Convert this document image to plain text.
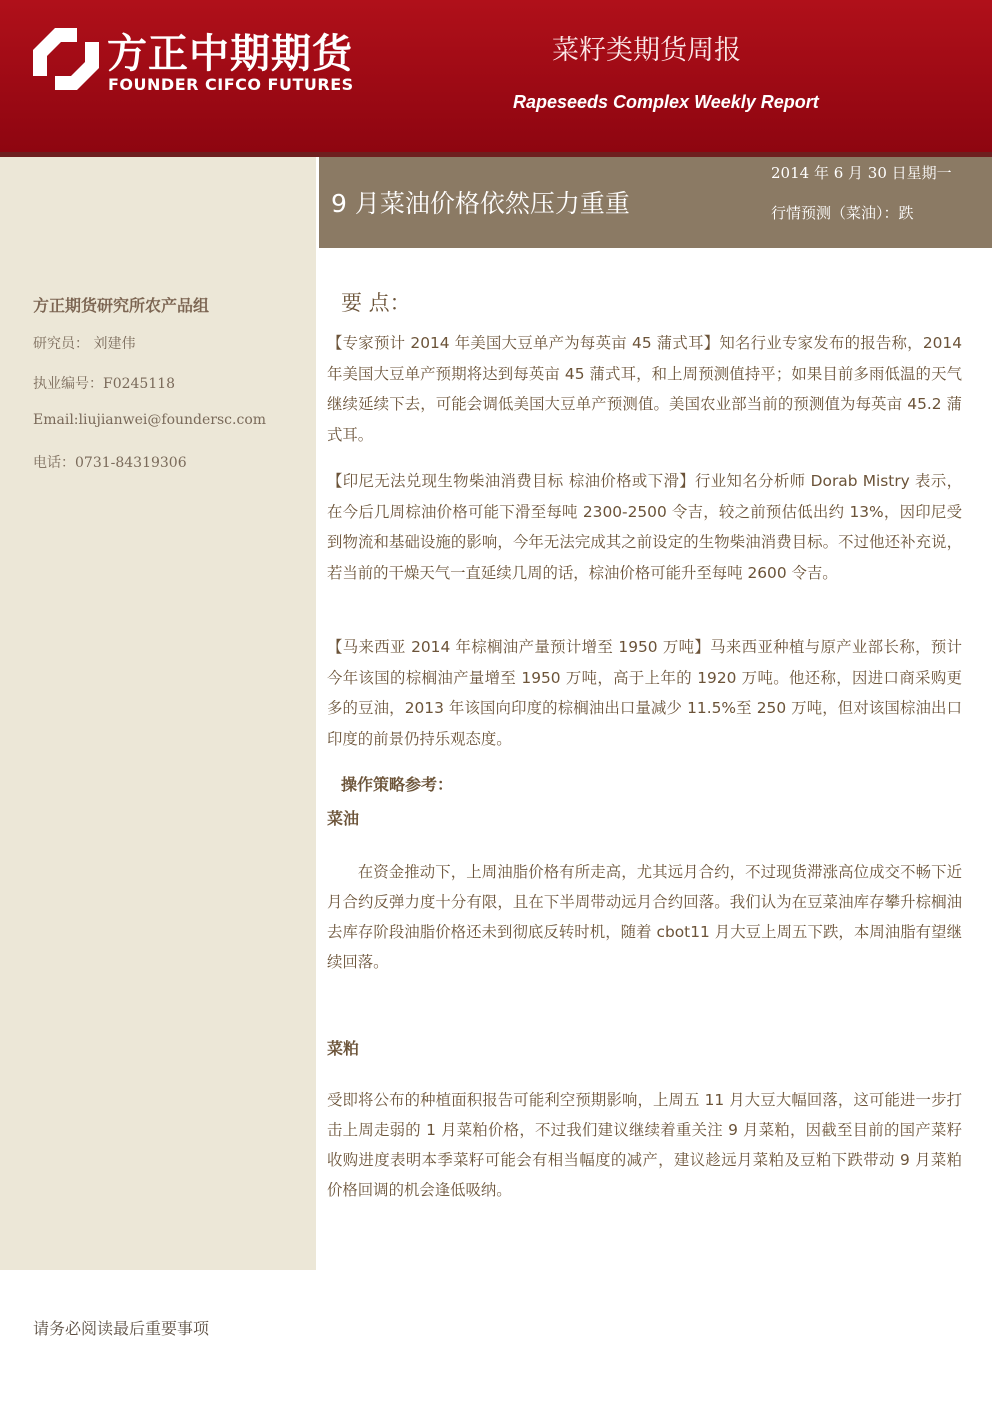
方正中期期货
FOUNDER CIFCO FUTURES
菜籽类期货周报
Rapeseeds Complex Weekly Report
9 月菜油价格依然压力重重
2014 年 6 月 30 日星期一
行情预测（菜油）：跌
方正期货研究所农产品组
研究员： 刘建伟
执业编号：F0245118
Email:liujianwei@foundersc.com
电话：0731-84319306
要 点：
【专家预计 2014 年美国大豆单产为每英亩 45 蒲式耳】知名行业专家发布的报告称，2014 年美国大豆单产预期将达到每英亩 45 蒲式耳，和上周预测值持平；如果目前多雨低温的天气继续延续下去，可能会调低美国大豆单产预测值。美国农业部当前的预测值为每英亩 45.2 蒲式耳。
【印尼无法兑现生物柴油消费目标 棕油价格或下滑】行业知名分析师 Dorab Mistry 表示，在今后几周棕油价格可能下滑至每吨 2300-2500 令吉，较之前预估低出约 13%，因印尼受到物流和基础设施的影响，今年无法完成其之前设定的生物柴油消费目标。不过他还补充说，若当前的干燥天气一直延续几周的话，棕油价格可能升至每吨 2600 令吉。
【马来西亚 2014 年棕榈油产量预计增至 1950 万吨】马来西亚种植与原产业部长称，预计今年该国的棕榈油产量增至 1950 万吨，高于上年的 1920 万吨。他还称，因进口商采购更多的豆油，2013 年该国向印度的棕榈油出口量减少 11.5%至 250 万吨，但对该国棕油出口印度的前景仍持乐观态度。
操作策略参考：
菜油
在资金推动下，上周油脂价格有所走高，尤其远月合约，不过现货滞涨高位成交不畅下近月合约反弹力度十分有限，且在下半周带动远月合约回落。我们认为在豆菜油库存攀升棕榈油去库存阶段油脂价格还未到彻底反转时机，随着 cbot11 月大豆上周五下跌，本周油脂有望继续回落。
菜粕
受即将公布的种植面积报告可能利空预期影响，上周五 11 月大豆大幅回落，这可能进一步打击上周走弱的 1 月菜粕价格，不过我们建议继续着重关注 9 月菜粕，因截至目前的国产菜籽收购进度表明本季菜籽可能会有相当幅度的减产，建议趁远月菜粕及豆粕下跌带动 9 月菜粕价格回调的机会逢低吸纳。
请务必阅读最后重要事项
